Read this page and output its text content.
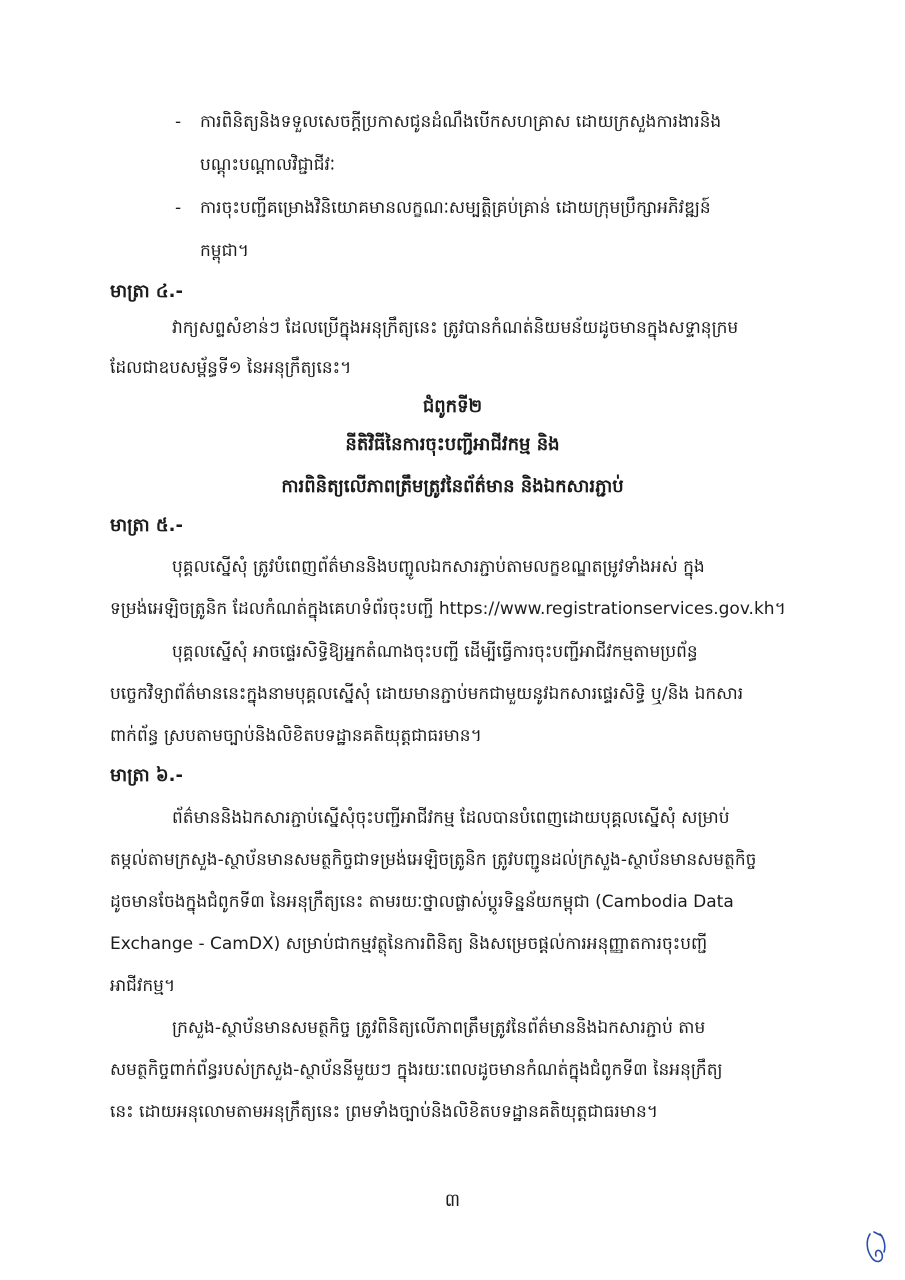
- ការពិនិត្យនិងទទួលសេចក្តីប្រកាសជូនដំណឹងបើកសហគ្រាស ដោយក្រសួងការងារនិង
បណ្តុះបណ្តាលវិជ្ជាជីវៈ
- ការចុះបញ្ជីគម្រោងវិនិយោគមានលក្ខណៈសម្បត្តិគ្រប់គ្រាន់ ដោយក្រុមប្រឹក្សាអភិវឌ្ឍន៍
កម្ពុជា។
មាត្រា ៤.-
វាក្យសព្ទសំខាន់ៗ ដែលប្រើក្នុងអនុក្រឹត្យនេះ ត្រូវបានកំណត់និយមន័យដូចមានក្នុងសទ្ទានុក្រម
ដែលជាឧបសម្ព័ន្ធទី១ នៃអនុក្រឹត្យនេះ។
ជំពូកទី២
នីតិវិធីនៃការចុះបញ្ជីអាជីវកម្ម និង
ការពិនិត្យលើភាពត្រឹមត្រូវនៃព័ត៌មាន និងឯកសារភ្ជាប់
មាត្រា ៥.-
បុគ្គលស្នើសុំ ត្រូវបំពេញព័ត៌មាននិងបញ្ចូលឯកសារភ្ជាប់តាមលក្ខខណ្ឌតម្រូវទាំងអស់ ក្នុង
ទម្រង់អេឡិចត្រូនិក ដែលកំណត់ក្នុងគេហទំព័រចុះបញ្ជី https://www.registrationservices.gov.kh។
បុគ្គលស្នើសុំ អាចផ្ទេរសិទ្ធិឱ្យអ្នកតំណាងចុះបញ្ជី ដើម្បីធ្វើការចុះបញ្ជីអាជីវកម្មតាមប្រព័ន្ធ
បច្ចេកវិទ្យាព័ត៌មាននេះក្នុងនាមបុគ្គលស្នើសុំ ដោយមានភ្ជាប់មកជាមួយនូវឯកសារផ្ទេរសិទ្ធិ ឬ/និង ឯកសារ
ពាក់ព័ន្ធ ស្របតាមច្បាប់និងលិខិតបទដ្ឋានគតិយុត្តជាធរមាន។
មាត្រា ៦.-
ព័ត៌មាននិងឯកសារភ្ជាប់ស្នើសុំចុះបញ្ជីអាជីវកម្ម ដែលបានបំពេញដោយបុគ្គលស្នើសុំ សម្រាប់
តម្កល់តាមក្រសួង-ស្ថាប័នមានសមត្ថកិច្ចជាទម្រង់អេឡិចត្រូនិក ត្រូវបញ្ជូនដល់ក្រសួង-ស្ថាប័នមានសមត្ថកិច្ច
ដូចមានចែងក្នុងជំពូកទី៣ នៃអនុក្រឹត្យនេះ តាមរយៈថ្នាលផ្លាស់ប្តូរទិន្នន័យកម្ពុជា (Cambodia Data
Exchange - CamDX) សម្រាប់ជាកម្មវត្ថុនៃការពិនិត្យ និងសម្រេចផ្តល់ការអនុញ្ញាតការចុះបញ្ជី
អាជីវកម្ម។
ក្រសួង-ស្ថាប័នមានសមត្ថកិច្ច ត្រូវពិនិត្យលើភាពត្រឹមត្រូវនៃព័ត៌មាននិងឯកសារភ្ជាប់ តាម
សមត្ថកិច្ចពាក់ព័ន្ធរបស់ក្រសួង-ស្ថាប័ននីមួយៗ ក្នុងរយៈពេលដូចមានកំណត់ក្នុងជំពូកទី៣ នៃអនុក្រឹត្យ
នេះ ដោយអនុលោមតាមអនុក្រឹត្យនេះ ព្រមទាំងច្បាប់និងលិខិតបទដ្ឋានគតិយុត្តជាធរមាន។
៣
